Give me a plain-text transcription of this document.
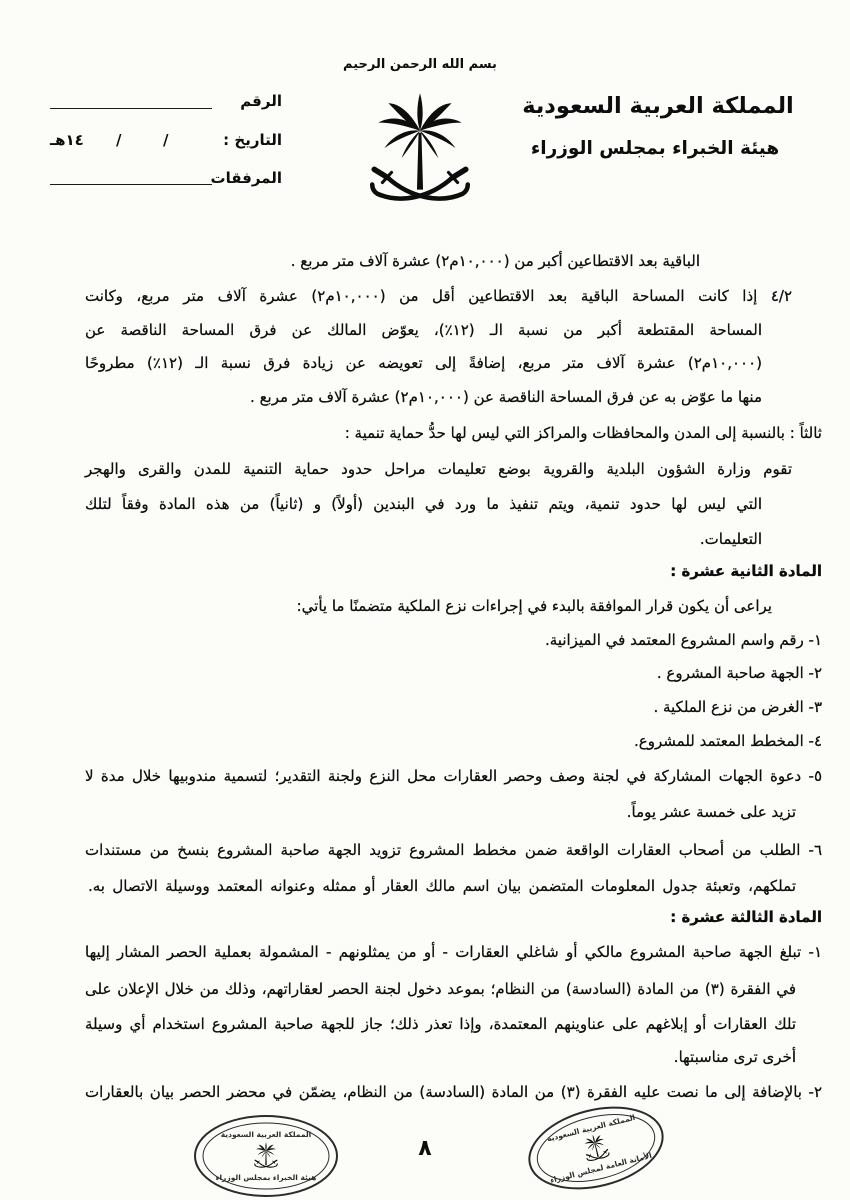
بسم الله الرحمن الرحيم
المملكة العربية السعودية
هيئة الخبراء بمجلس الوزراء
الرقم
التاريخ :
/
/
١٤هـ
المرفقات
الباقية بعد الاقتطاعين أكبر من (١٠,٠٠٠م٢) عشرة آلاف متر مربع .
٤/٢ إذا كانت المساحة الباقية بعد الاقتطاعين أقل من (١٠,٠٠٠م٢) عشرة آلاف متر مربع، وكانت
المساحة المقتطعة أكبر من نسبة الـ (١٢٪)، يعوّض المالك عن فرق المساحة الناقصة عن
(١٠,٠٠٠م٢) عشرة آلاف متر مربع، إضافةً إلى تعويضه عن زيادة فرق نسبة الـ (١٢٪) مطروحًا
منها ما عوّض به عن فرق المساحة الناقصة عن (١٠,٠٠٠م٢) عشرة آلاف متر مربع .
ثالثاً : بالنسبة إلى المدن والمحافظات والمراكز التي ليس لها حدُّ حماية تنمية :
تقوم وزارة الشؤون البلدية والقروية بوضع تعليمات مراحل حدود حماية التنمية للمدن والقرى والهجر
التي ليس لها حدود تنمية، ويتم تنفيذ ما ورد في البندين (أولاً) و (ثانياً) من هذه المادة وفقاً لتلك
التعليمات.
المادة الثانية عشرة :
يراعى أن يكون قرار الموافقة بالبدء في إجراءات نزع الملكية متضمنًا ما يأتي:
١- رقم واسم المشروع المعتمد في الميزانية.
٢- الجهة صاحبة المشروع .
٣- الغرض من نزع الملكية .
٤- المخطط المعتمد للمشروع.
٥- دعوة الجهات المشاركة في لجنة وصف وحصر العقارات محل النزع ولجنة التقدير؛ لتسمية مندوبيها خلال مدة لا
تزيد على خمسة عشر يوماً.
٦- الطلب من أصحاب العقارات الواقعة ضمن مخطط المشروع تزويد الجهة صاحبة المشروع بنسخ من مستندات
تملكهم، وتعبئة جدول المعلومات المتضمن بيان اسم مالك العقار أو ممثله وعنوانه المعتمد ووسيلة الاتصال به.
المادة الثالثة عشرة :
١- تبلغ الجهة صاحبة المشروع مالكي أو شاغلي العقارات - أو من يمثلونهم - المشمولة بعملية الحصر المشار إليها
في الفقرة (٣) من المادة (السادسة) من النظام؛ بموعد دخول لجنة الحصر لعقاراتهم، وذلك من خلال الإعلان على
تلك العقارات أو إبلاغهم على عناوينهم المعتمدة، وإذا تعذر ذلك؛ جاز للجهة صاحبة المشروع استخدام أي وسيلة
أخرى ترى مناسبتها.
٢- بالإضافة إلى ما نصت عليه الفقرة (٣) من المادة (السادسة) من النظام، يضمّن في محضر الحصر بيان بالعقارات
٨
المملكة العربية السعودية
هيئة الخبراء بمجلس الوزراء
المملكة العربية السعودية
الأمانة العامة لمجلس الوزراء
